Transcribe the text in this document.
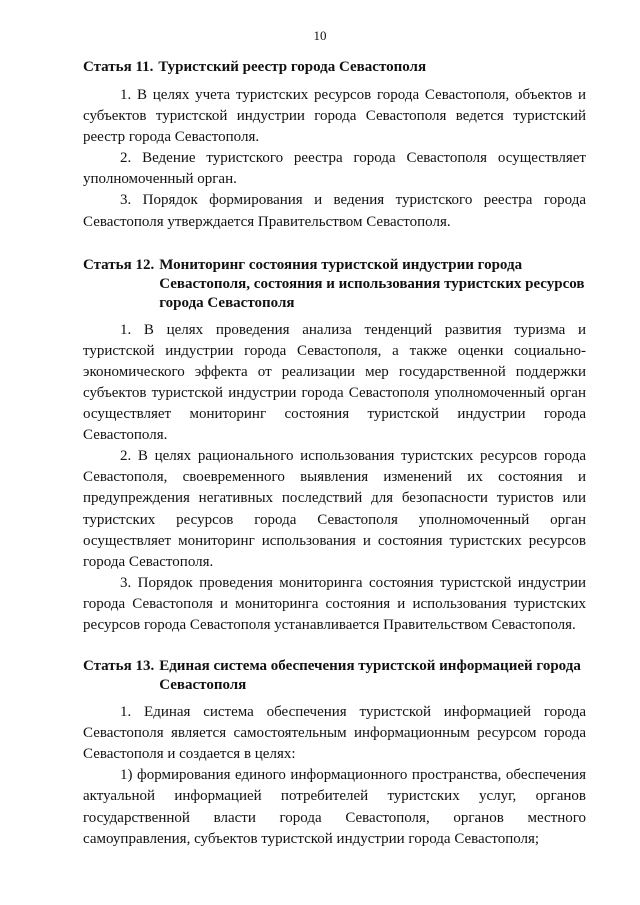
10
Статья 11. Туристский реестр города Севастополя

1. В целях учета туристских ресурсов города Севастополя, объектов и субъектов туристской индустрии города Севастополя ведется туристский реестр города Севастополя.

2. Ведение туристского реестра города Севастополя осуществляет уполномоченный орган.

3. Порядок формирования и ведения туристского реестра города Севастополя утверждается Правительством Севастополя.

Статья 12. Мониторинг состояния туристской индустрии города Севастополя, состояния и использования туристских ресурсов города Севастополя

1. В целях проведения анализа тенденций развития туризма и туристской индустрии города Севастополя, а также оценки социально-экономического эффекта от реализации мер государственной поддержки субъектов туристской индустрии города Севастополя уполномоченный орган осуществляет мониторинг состояния туристской индустрии города Севастополя.

2. В целях рационального использования туристских ресурсов города Севастополя, своевременного выявления изменений их состояния и предупреждения негативных последствий для безопасности туристов или туристских ресурсов города Севастополя уполномоченный орган осуществляет мониторинг использования и состояния туристских ресурсов города Севастополя.

3. Порядок проведения мониторинга состояния туристской индустрии города Севастополя и мониторинга состояния и использования туристских ресурсов города Севастополя устанавливается Правительством Севастополя.

Статья 13. Единая система обеспечения туристской информацией города Севастополя

1. Единая система обеспечения туристской информацией города Севастополя является самостоятельным информационным ресурсом города Севастополя и создается в целях:

1) формирования единого информационного пространства, обеспечения актуальной информацией потребителей туристских услуг, органов государственной власти города Севастополя, органов местного самоуправления, субъектов туристской индустрии города Севастополя;
